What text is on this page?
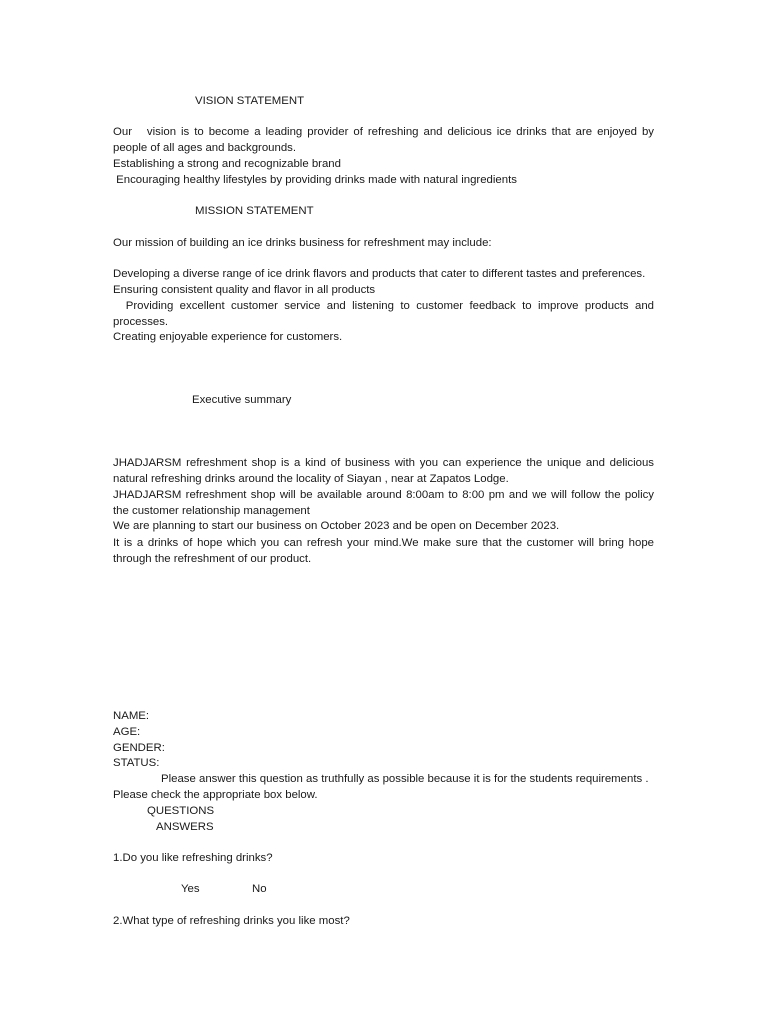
VISION STATEMENT
Our   vision is to become a leading provider of refreshing and delicious ice drinks that are enjoyed by
people of all ages and backgrounds.
Establishing a strong and recognizable brand
Encouraging healthy lifestyles by providing drinks made with natural ingredients
MISSION STATEMENT
Our mission of building an ice drinks business for refreshment may include:
Developing a diverse range of ice drink flavors and products that cater to different tastes and preferences.
Ensuring consistent quality and flavor in all products
Providing excellent customer service and listening to customer feedback to improve products and
processes.
Creating enjoyable experience for customers.
Executive summary
JHADJARSM refreshment shop is a kind of business with you can experience the unique and delicious
natural refreshing drinks around the locality of Siayan , near at Zapatos Lodge.
JHADJARSM refreshment shop will be available around 8:00am to 8:00 pm and we will follow the policy
the customer relationship management
We are planning to start our business on October 2023 and be open on December 2023.
It is a drinks of hope which you can refresh your mind.We make sure that the customer will bring hope
through the refreshment of our product.
NAME:
AGE:
GENDER:
STATUS:
Please answer this question as truthfully as possible because it is for the students requirements .
Please check the appropriate box below.
QUESTIONS
ANSWERS
1.Do you like refreshing drinks?
Yes	No
2.What type of refreshing drinks you like most?
